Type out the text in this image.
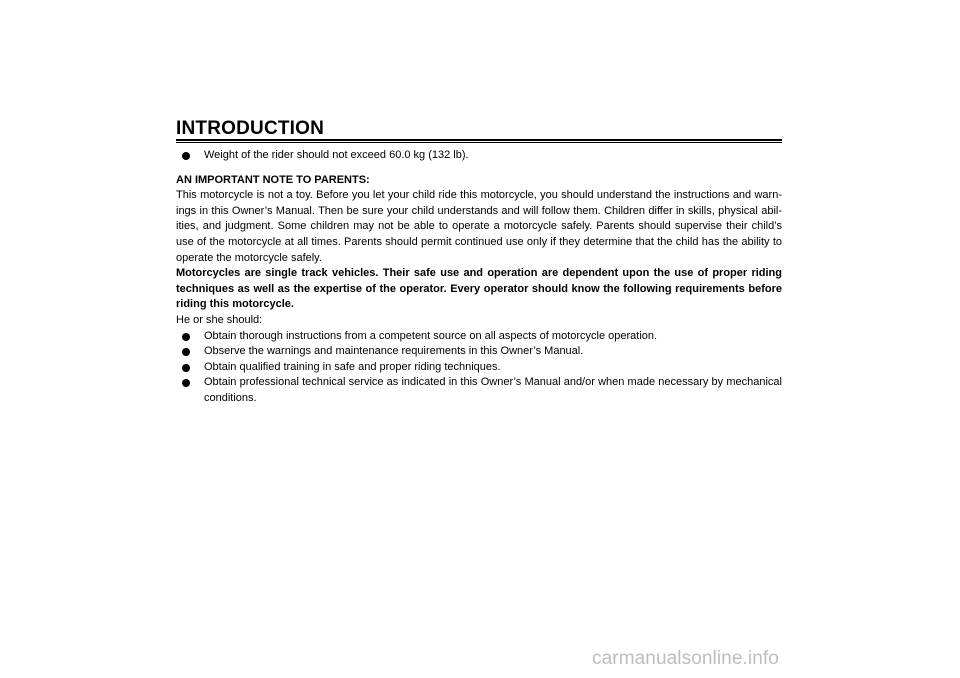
INTRODUCTION
Weight of the rider should not exceed 60.0 kg (132 lb).

AN IMPORTANT NOTE TO PARENTS:

This motorcycle is not a toy. Before you let your child ride this motorcycle, you should understand the instructions and warn-ings in this Owner’s Manual. Then be sure your child understands and will follow them. Children differ in skills, physical abil-ities, and judgment. Some children may not be able to operate a motorcycle safely. Parents should supervise their child’s use of the motorcycle at all times. Parents should permit continued use only if they determine that the child has the ability to operate the motorcycle safely.

Motorcycles are single track vehicles. Their safe use and operation are dependent upon the use of proper riding techniques as well as the expertise of the operator. Every operator should know the following requirements before riding this motorcycle.

He or she should:

Obtain thorough instructions from a competent source on all aspects of motorcycle operation.
Observe the warnings and maintenance requirements in this Owner’s Manual.
Obtain qualified training in safe and proper riding techniques.
Obtain professional technical service as indicated in this Owner’s Manual and/or when made necessary by mechanical conditions.
carmanualsonline.info
